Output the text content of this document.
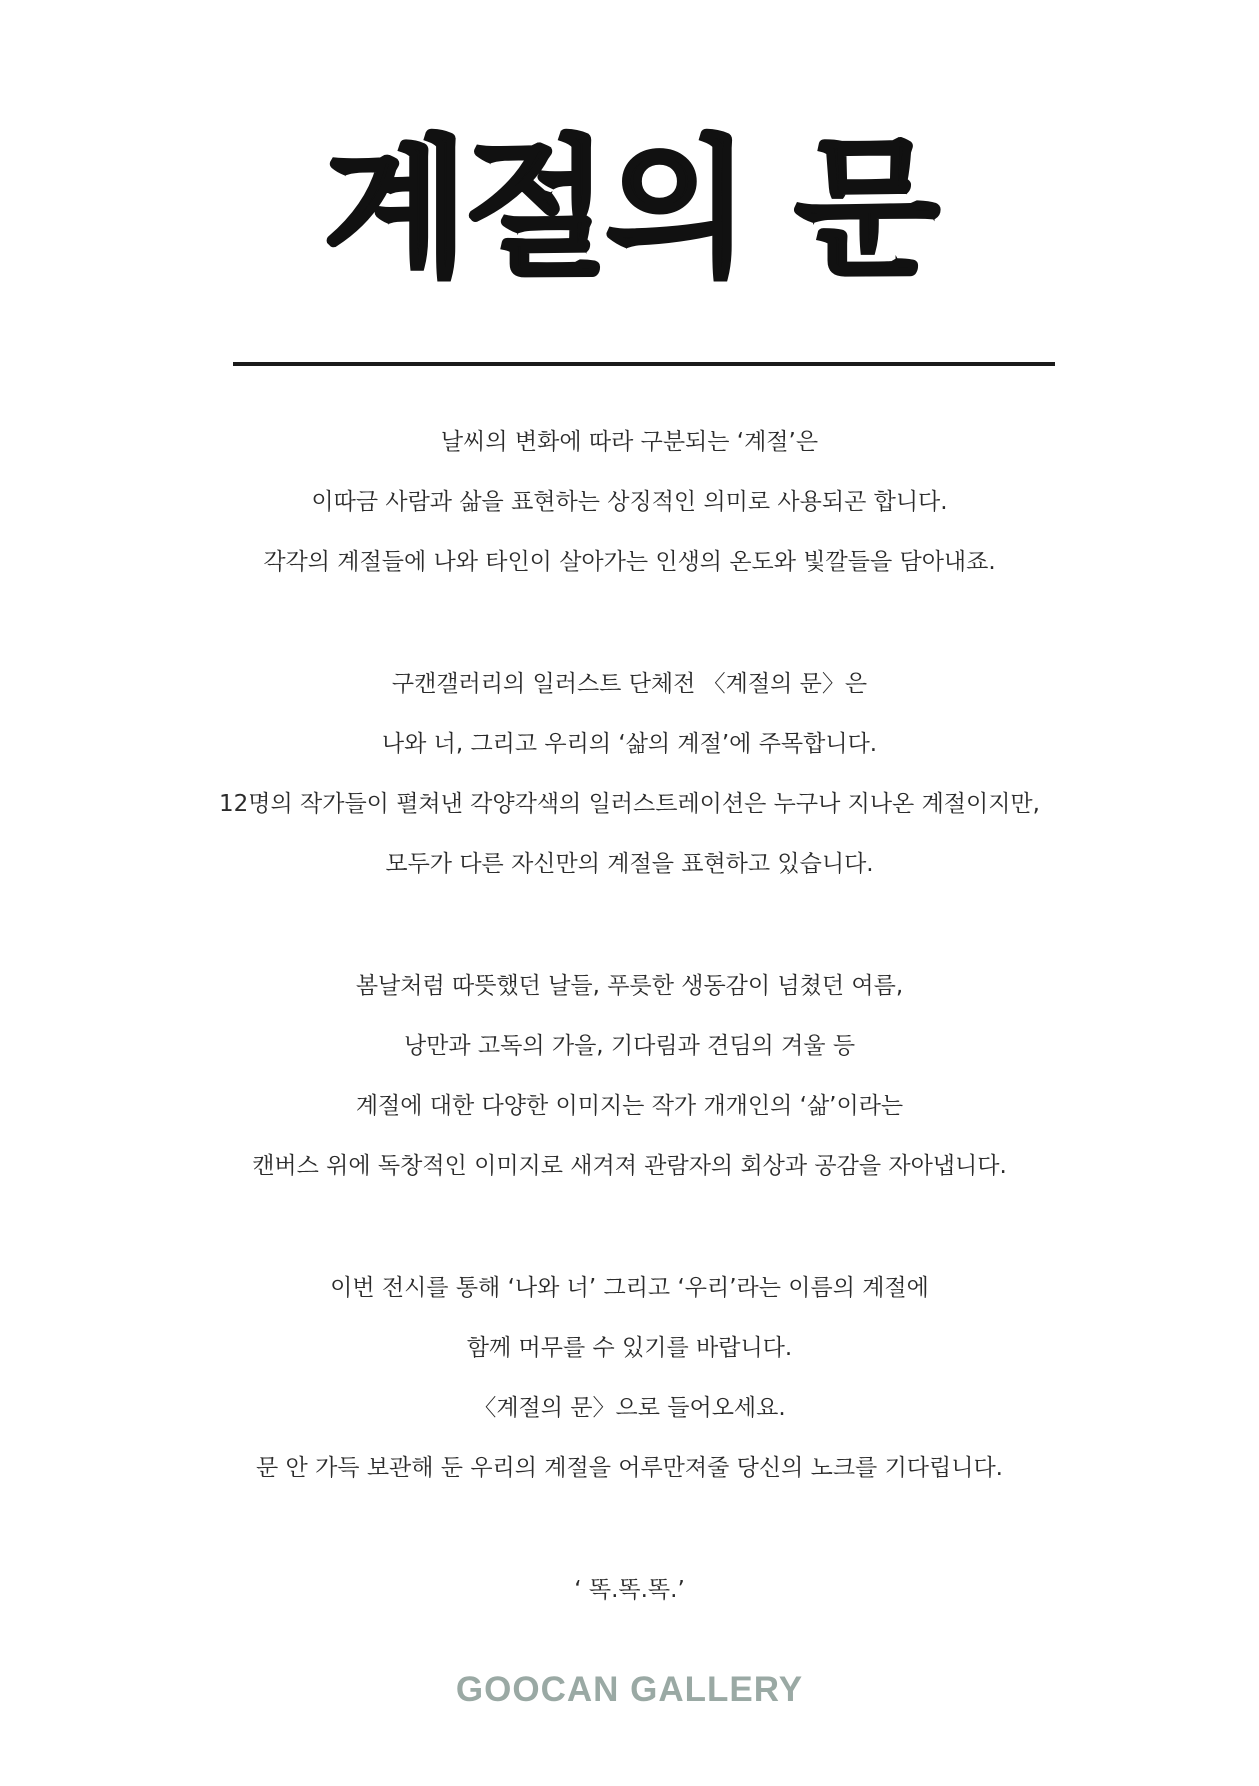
계절의 문
날씨의 변화에 따라 구분되는 ‘계절’은
이따금 사람과 삶을 표현하는 상징적인 의미로 사용되곤 합니다.
각각의 계절들에 나와 타인이 살아가는 인생의 온도와 빛깔들을 담아내죠.
구캔갤러리의 일러스트 단체전 〈계절의 문〉은
나와 너, 그리고 우리의 ‘삶의 계절’에 주목합니다.
12명의 작가들이 펼쳐낸 각양각색의 일러스트레이션은 누구나 지나온 계절이지만,
모두가 다른 자신만의 계절을 표현하고 있습니다.
봄날처럼 따뜻했던 날들, 푸릇한 생동감이 넘쳤던 여름,
낭만과 고독의 가을, 기다림과 견딤의 겨울 등
계절에 대한 다양한 이미지는 작가 개개인의 ‘삶’이라는
캔버스 위에 독창적인 이미지로 새겨져 관람자의 회상과 공감을 자아냅니다.
이번 전시를 통해 ‘나와 너’ 그리고 ‘우리’라는 이름의 계절에
함께 머무를 수 있기를 바랍니다.
〈계절의 문〉으로 들어오세요.
문 안 가득 보관해 둔 우리의 계절을 어루만져줄 당신의 노크를 기다립니다.
‘ 똑.똑.똑.’
GOOCAN GALLERY
